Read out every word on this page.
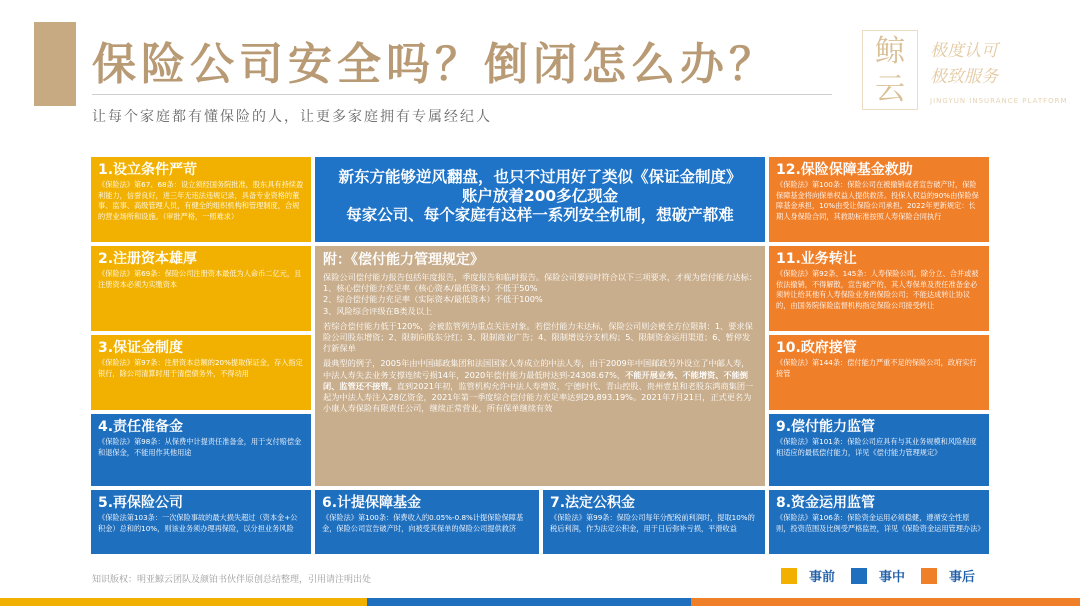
保险公司安全吗？倒闭怎么办？
让每个家庭都有懂保险的人，让更多家庭拥有专属经纪人
鲸
云
极度认可
极致服务
JINGYUN INSURANCE PLATFORM
1.设立条件严苛
《保险法》第67、68条：设立须经国务院批准，股东具有持续盈利能力，信誉良好，进三年无违法违规记录，具备专业资格的董事、监事、高级管理人员，有健全的组织机构和管理制度，合规的营业场所和设施。（审批严格，一照难求）
2.注册资本雄厚
《保险法》第69条：保险公司注册资本最低为人命币二亿元，且注册资本必须为实缴资本
3.保证金制度
《保险法》第97条：注册资本总额的20%提取保证金，存入指定银行，除公司清算时用于清偿债务外，不得动用
4.责任准备金
《保险法》第98条：从保费中计提责任准备金，用于支付赔偿金和退保金，不能用作其他用途
5.再保险公司
《保险法第103条：一次保险事故的最大损失超过（资本金+公积金）总和的10%，则该业务须办理再保险，以分担业务风险
6.计提保障基金
《保险法》第100条：保费收入的0.05%-0.8%计提保险保障基金，保险公司宣告破产时，向被受其保单的保险公司提供救济
7.法定公积金
《保险法》第99条：保险公司每年分配税前利润时，提取10%的税后利润，作为法定公积金，用于日后弥补亏损，平滑收益
8.资金运用监管
《保险法》第106条：保险资金运用必须稳健，遵循安全性原则，投资范围及比例受严格监控，详见《保险资金运用管理办法》
9.偿付能力监管
《保险法》第101条：保险公司应具有与其业务规模和风险程度相适应的最低偿付能力，详见《偿付能力管理规定》
10.政府接管
《保险法》第144条：偿付能力严重不足的保险公司，政府实行接管
11.业务转让
《保险法》第92条、145条：人寿保险公司，除分立、合并或被依法撤销，不得解散，宣告破产的，其人寿保单及责任准备金必须转让给其他有人寿保险业务的保险公司；不能达成转让协议的，由国务院保险监督机构指定保险公司接受转让
12.保险保障基金救助
《保险法》第100条：保险公司在被撤销或者宣告破产时，保险保障基金将向保单权益人提供救济。投保人权益的90%由保险保障基金承担，10%由受让保险公司承担。2022年更新规定：长期人身保险合同，其救助标准按照人寿保险合同执行
新东方能够逆风翻盘，也只不过用好了类似《保证金制度》
账户放着200多亿现金
每家公司、每个家庭有这样一系列安全机制，想破产都难
附：《偿付能力管理规定》
保险公司偿付能力报告包括年度报告，季度报告和临时报告。保险公司要同时符合以下三项要求，才视为偿付能力达标：
1、核心偿付能力充足率（核心资本/最低资本）不低于50%
2、综合偿付能力充足率（实际资本/最低资本）不低于100%
3、风险综合评级在B类及以上
若综合偿付能力低于120%，会被监管列为重点关注对象。若偿付能力未达标，保险公司则会被全方位限制：1、要求保险公司股东增资；2、限制向股东分红；3、限制商业广告；4、限制增设分支机构；5、限制资金运用渠道；6、暂停发行新保单
最典型的例子，2005年由中国邮政集团和法国国家人寿成立的中法人寿，由于2009年中国邮政另外设立了中邮人寿，中法人寿失去业务支撑连续亏损14年，2020年偿付能力最低时达到-24308.67%，不能开展业务、不能增资、不能倒闭、监管还不接管。直到2021年初，监管机构允许中法人寿增资，宁德时代、青山控股、贵州壹星和老股东鸿商集团一起为中法人寿注入28亿资金，2021年第一季度综合偿付能力充足率达到29,893.19%。2021年7月21日，正式更名为小康人寿保险有限责任公司，继续正常营业，所有保单继续有效
知识版权：明亚鲸云团队及颜铂书伙伴原创总结整理，引用请注明出处	事前	事中	事后
